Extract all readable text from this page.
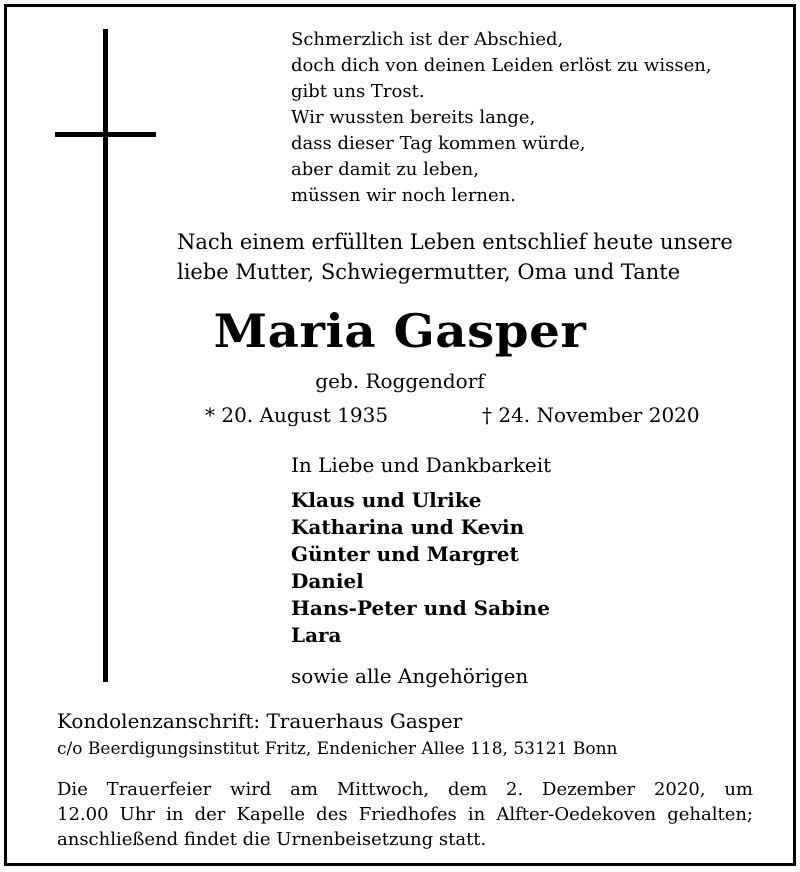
Schmerzlich ist der Abschied,
doch dich von deinen Leiden erlöst zu wissen,
gibt uns Trost.
Wir wussten bereits lange,
dass dieser Tag kommen würde,
aber damit zu leben,
müssen wir noch lernen.
Nach einem erfüllten Leben entschlief heute unsere
liebe Mutter, Schwiegermutter, Oma und Tante
Maria Gasper
geb. Roggendorf
* 20. August 1935	† 24. November 2020
In Liebe und Dankbarkeit
Klaus und Ulrike
Katharina und Kevin
Günter und Margret
Daniel
Hans-Peter und Sabine
Lara
sowie alle Angehörigen
Kondolenzanschrift: Trauerhaus Gasper
c/o Beerdigungsinstitut Fritz, Endenicher Allee 118, 53121 Bonn
Die Trauerfeier wird am Mittwoch, dem 2. Dezember 2020, um
12.00 Uhr in der Kapelle des Friedhofes in Alfter-Oedekoven gehalten;
anschließend findet die Urnenbeisetzung statt.
